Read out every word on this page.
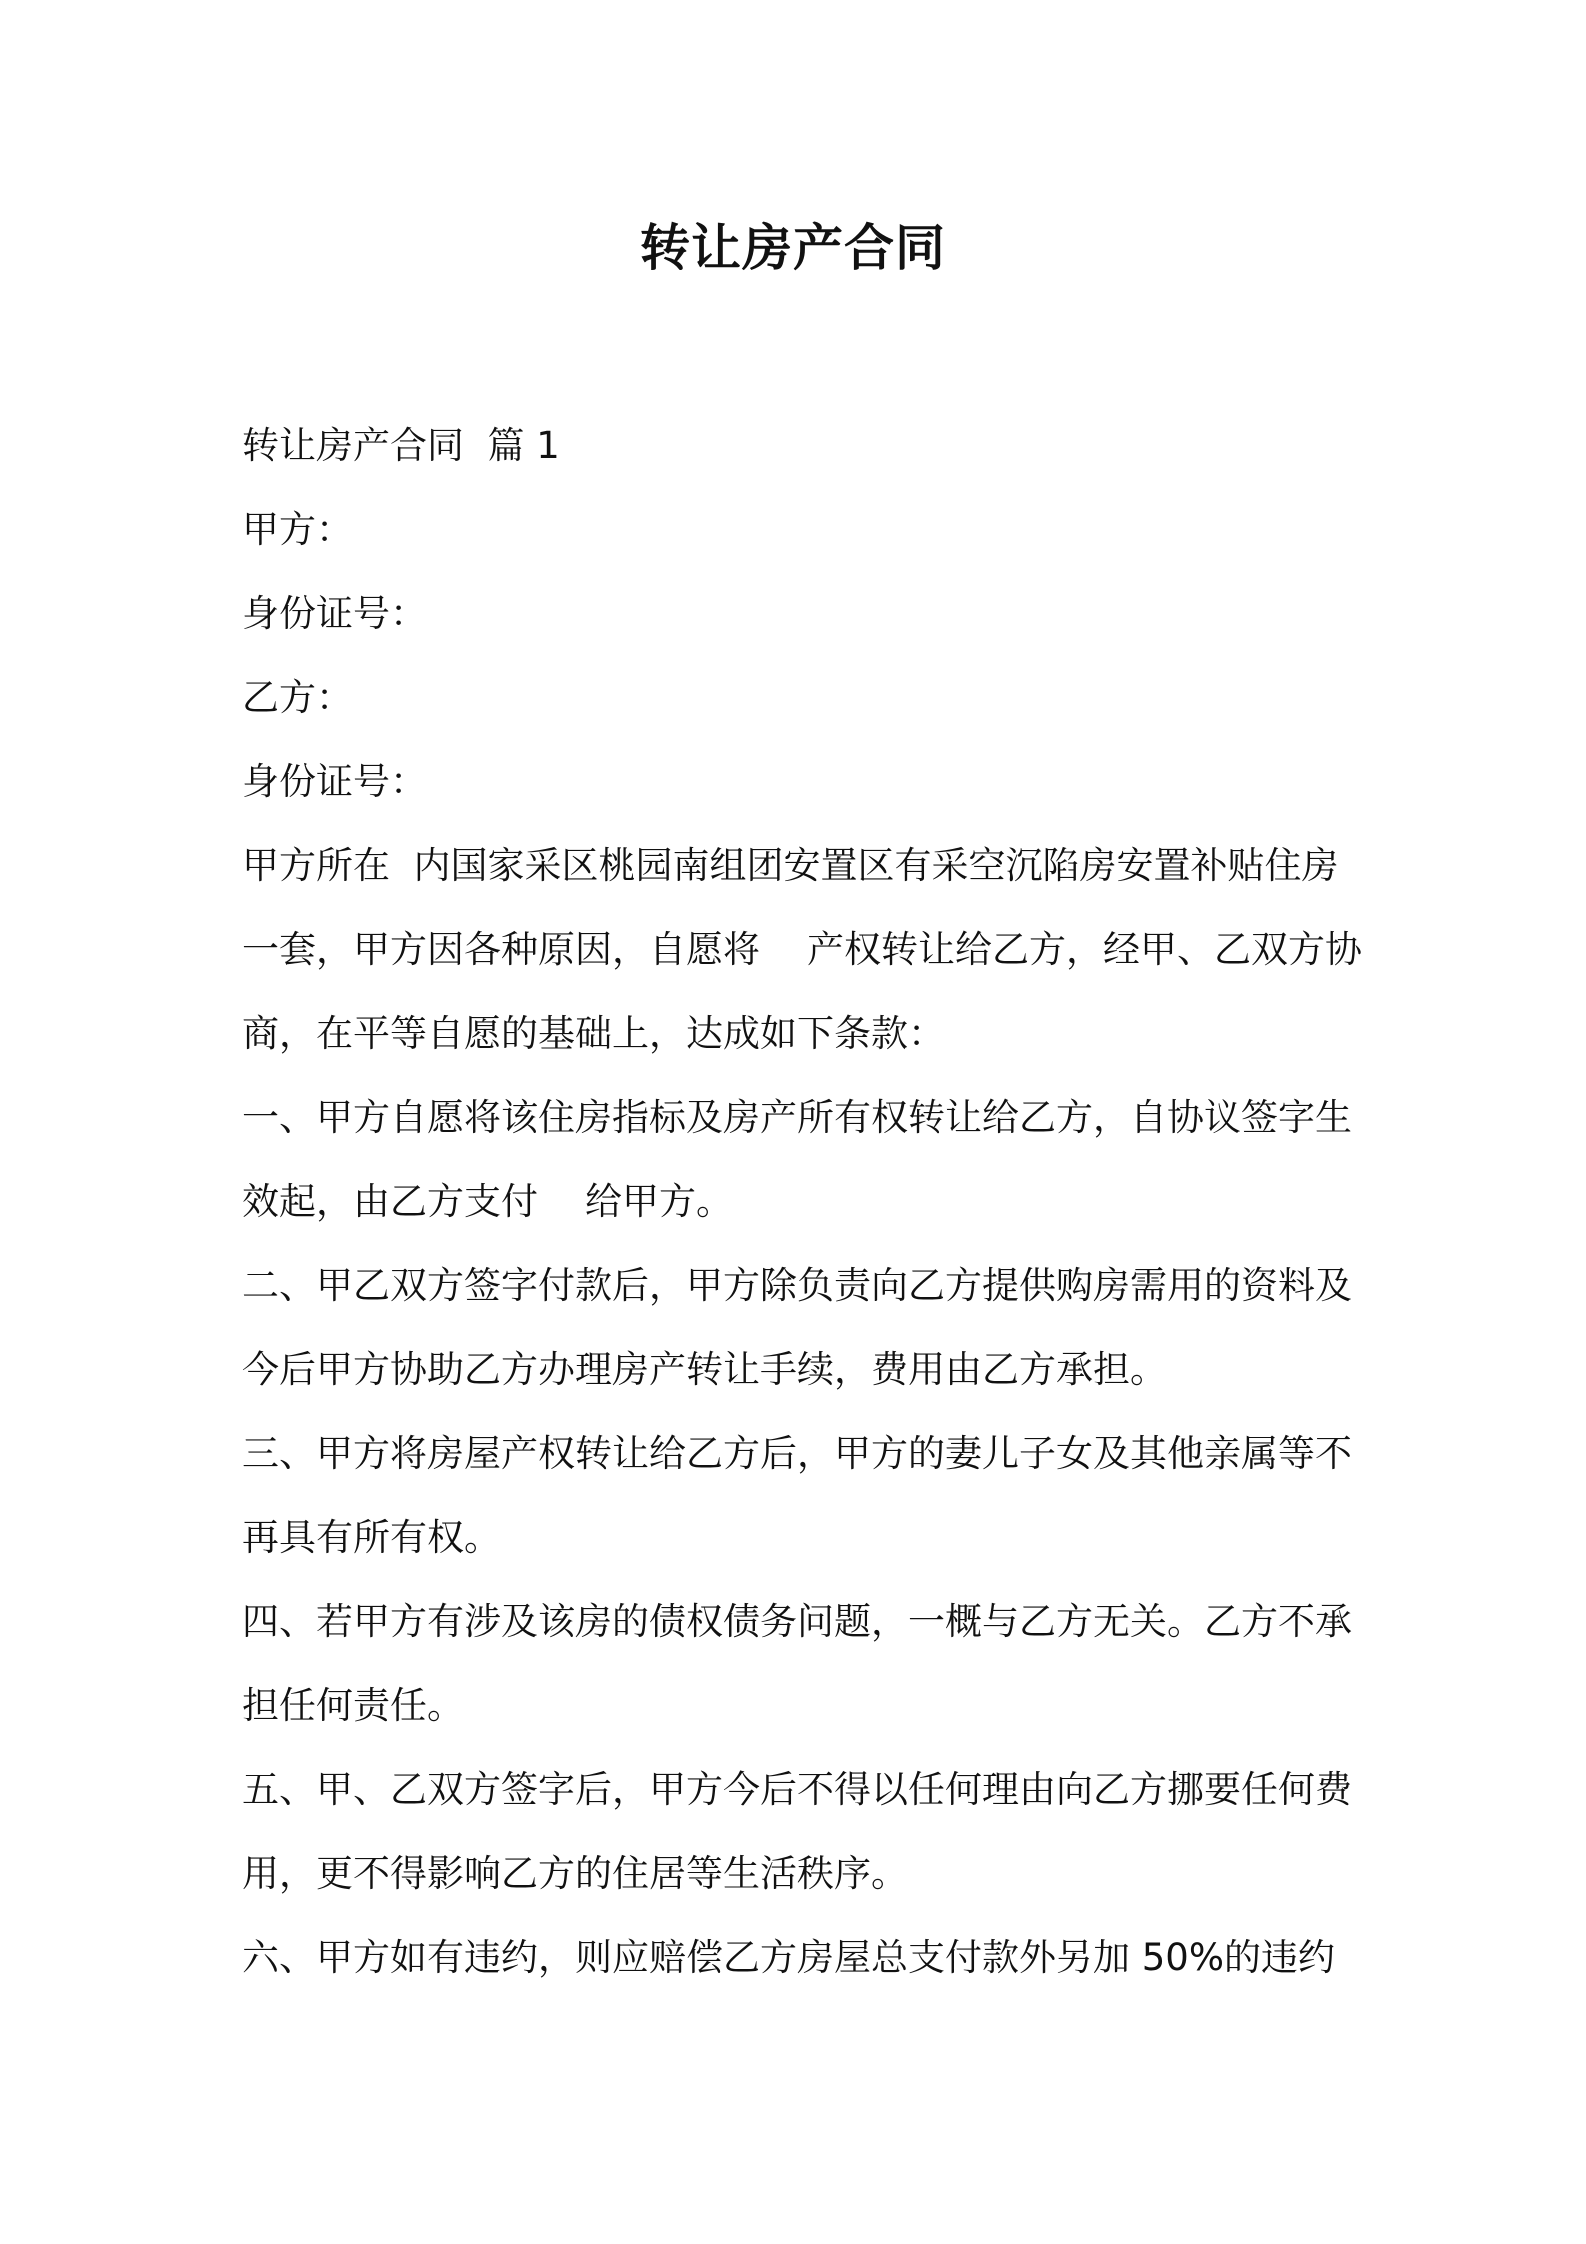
转让房产合同
转让房产合同  篇 1
甲方：
身份证号：
乙方：
身份证号：
甲方所在  内国家采区桃园南组团安置区有采空沉陷房安置补贴住房
一套，甲方因各种原因，自愿将    产权转让给乙方，经甲、乙双方协
商，在平等自愿的基础上，达成如下条款：
一、甲方自愿将该住房指标及房产所有权转让给乙方，自协议签字生
效起，由乙方支付    给甲方。
二、甲乙双方签字付款后，甲方除负责向乙方提供购房需用的资料及
今后甲方协助乙方办理房产转让手续，费用由乙方承担。
三、甲方将房屋产权转让给乙方后，甲方的妻儿子女及其他亲属等不
再具有所有权。
四、若甲方有涉及该房的债权债务问题，一概与乙方无关。乙方不承
担任何责任。
五、甲、乙双方签字后，甲方今后不得以任何理由向乙方挪要任何费
用，更不得影响乙方的住居等生活秩序。
六、甲方如有违约，则应赔偿乙方房屋总支付款外另加 50%的违约
